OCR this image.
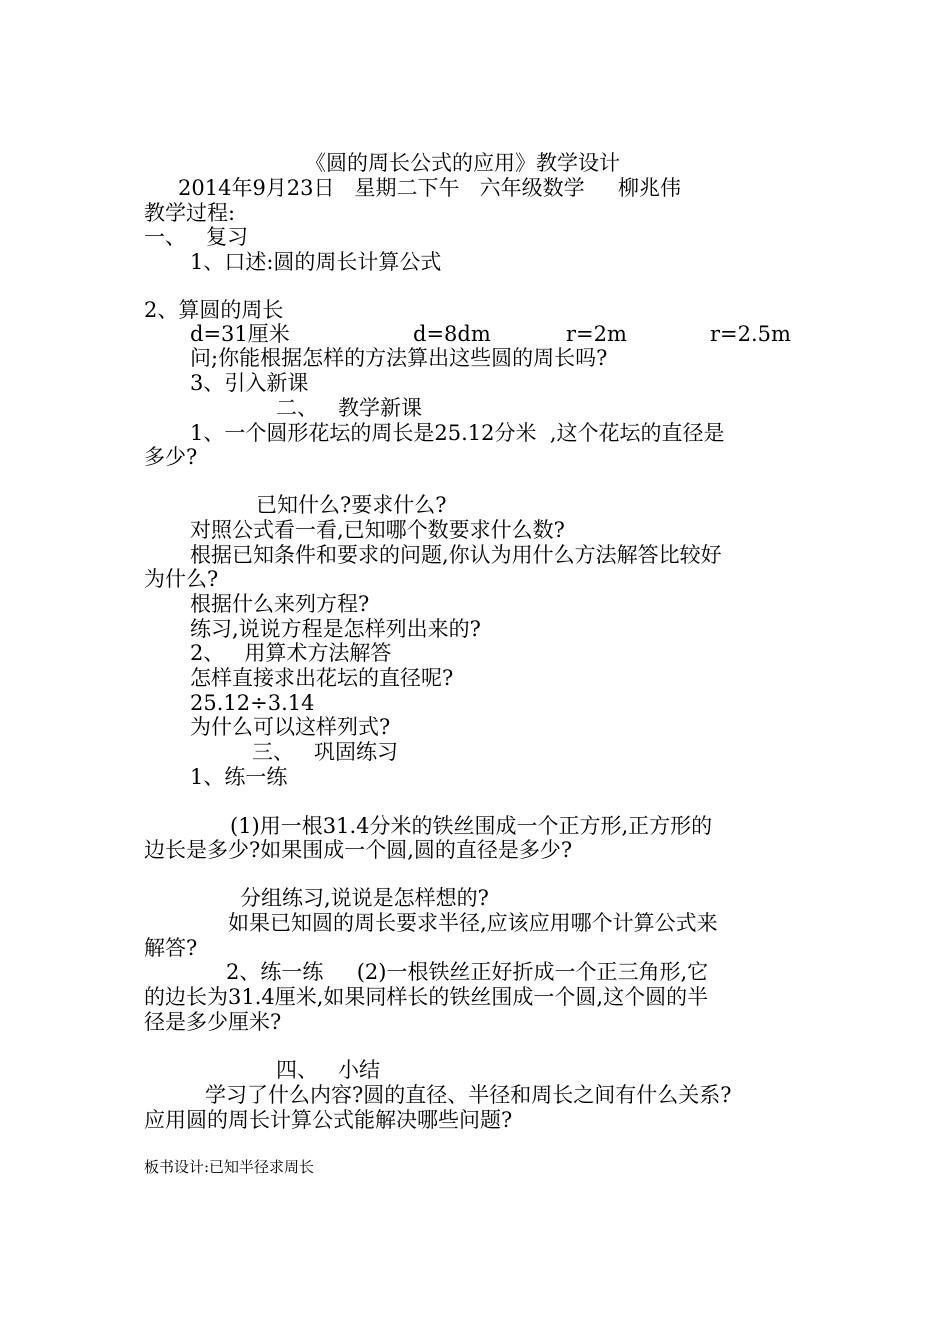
《圆的周长公式的应用》教学设计
2014年9月23日   星期二下午   六年级数学     柳兆伟
教学过程:
一、   复习
1、口述:圆的周长计算公式
2、算圆的周长

d=31厘米

	d=8dm

	r=2m

	r=2.5m

问;你能根据怎样的方法算出这些圆的周长吗?
3、引入新课
二、   教学新课
1、一个圆形花坛的周长是25.12分米  ,这个花坛的直径是
多少?
已知什么?要求什么?
对照公式看一看,已知哪个数要求什么数?
根据已知条件和要求的问题,你认为用什么方法解答比较好
为什么?
根据什么来列方程?
练习,说说方程是怎样列出来的?
2、   用算术方法解答
怎样直接求出花坛的直径呢?
25.12÷3.14
为什么可以这样列式?
三、   巩固练习
1、练一练
(1)用一根31.4分米的铁丝围成一个正方形,正方形的
边长是多少?如果围成一个圆,圆的直径是多少?
分组练习,说说是怎样想的?
如果已知圆的周长要求半径,应该应用哪个计算公式来
解答?
2、练一练     (2)一根铁丝正好折成一个正三角形,它
的边长为31.4厘米,如果同样长的铁丝围成一个圆,这个圆的半
径是多少厘米?
四、   小结
学习了什么内容?圆的直径、半径和周长之间有什么关系?
应用圆的周长计算公式能解决哪些问题?
板书设计:已知半径求周长
